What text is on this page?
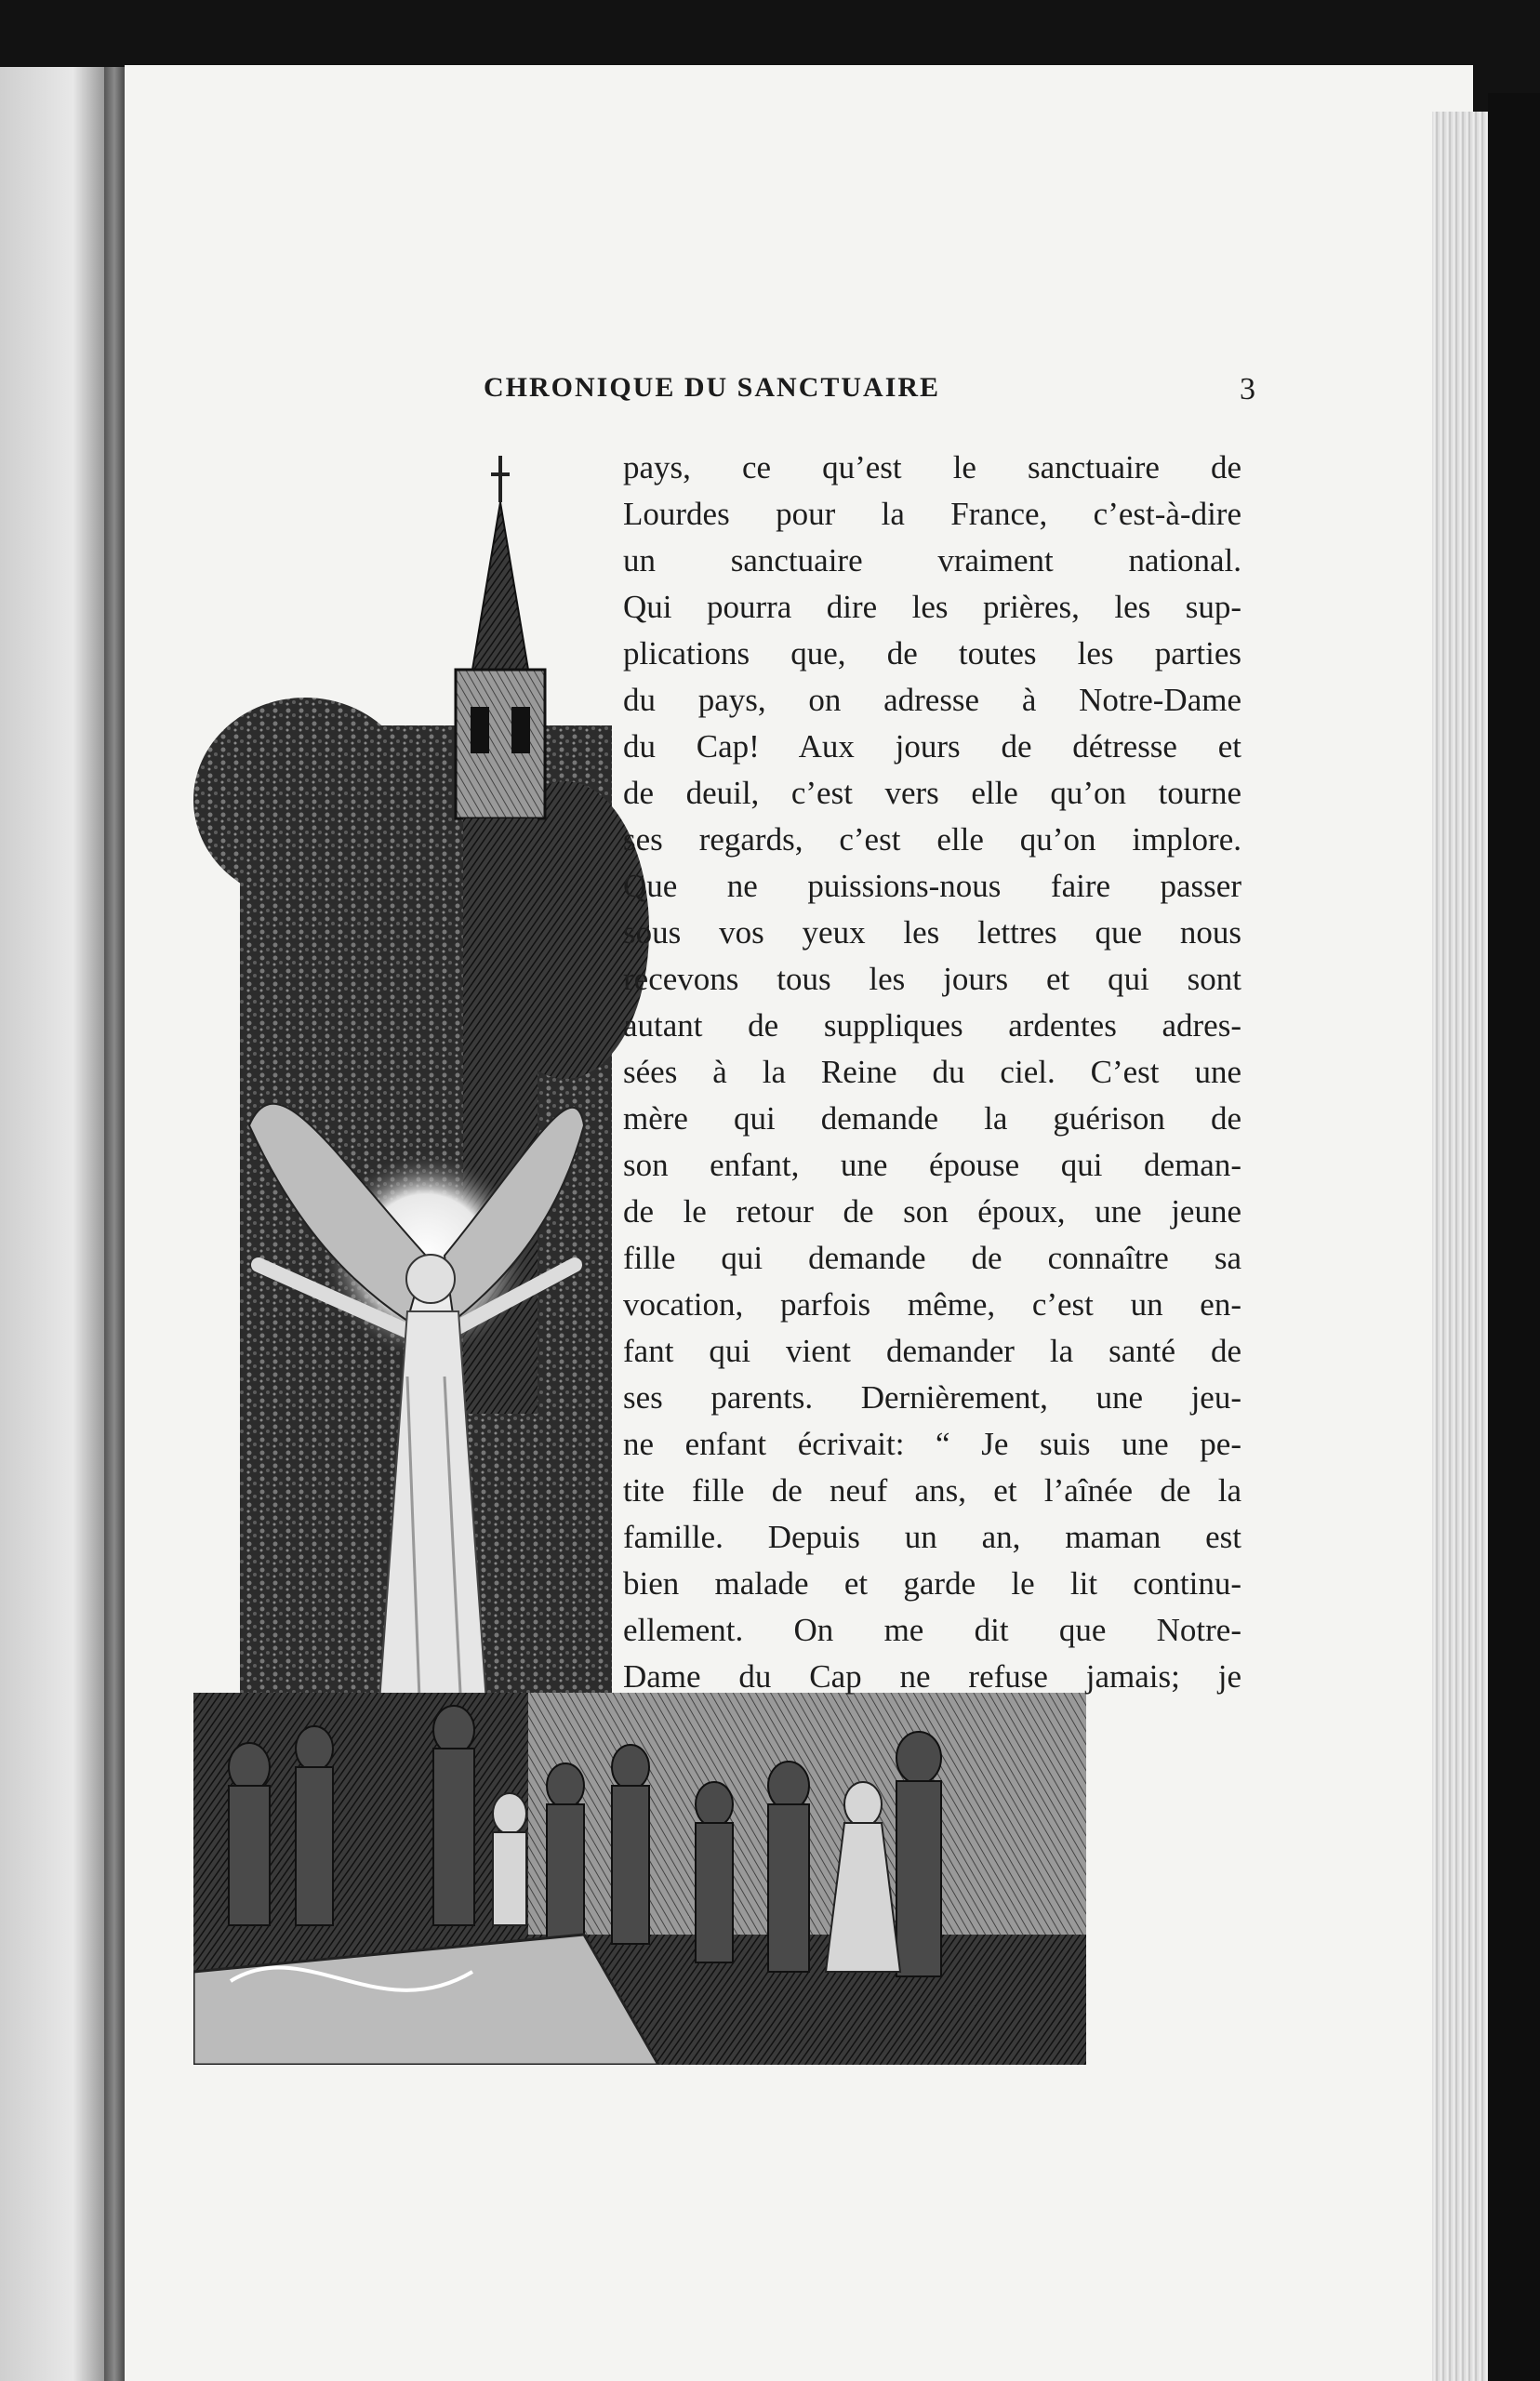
CHRONIQUE DU SANCTUAIRE	3
pays, ce qu’est le sanctuaire de
Lourdes pour la France, c’est-à-dire
un sanctuaire vraiment national.
Qui pourra dire les prières, les sup-
plications que, de toutes les parties
du pays, on adresse à Notre-Dame
du Cap! Aux jours de détresse et
de deuil, c’est vers elle qu’on tourne
ses regards, c’est elle qu’on implore.
Que ne puissions-nous faire passer
sous vos yeux les lettres que nous
recevons tous les jours et qui sont
autant de suppliques ardentes adres-
sées à la Reine du ciel. C’est une
mère qui demande la guérison de
son enfant, une épouse qui deman-
de le retour de son époux, une jeune
fille qui demande de connaître sa
vocation, parfois même, c’est un en-
fant qui vient demander la santé de
ses parents. Dernièrement, une jeu-
ne enfant écrivait: “ Je suis une pe-
tite fille de neuf ans, et l’aînée de la
famille. Depuis un an, maman est
bien malade et garde le lit continu-
ellement. On me dit que Notre-
Dame du Cap ne refuse jamais; je
